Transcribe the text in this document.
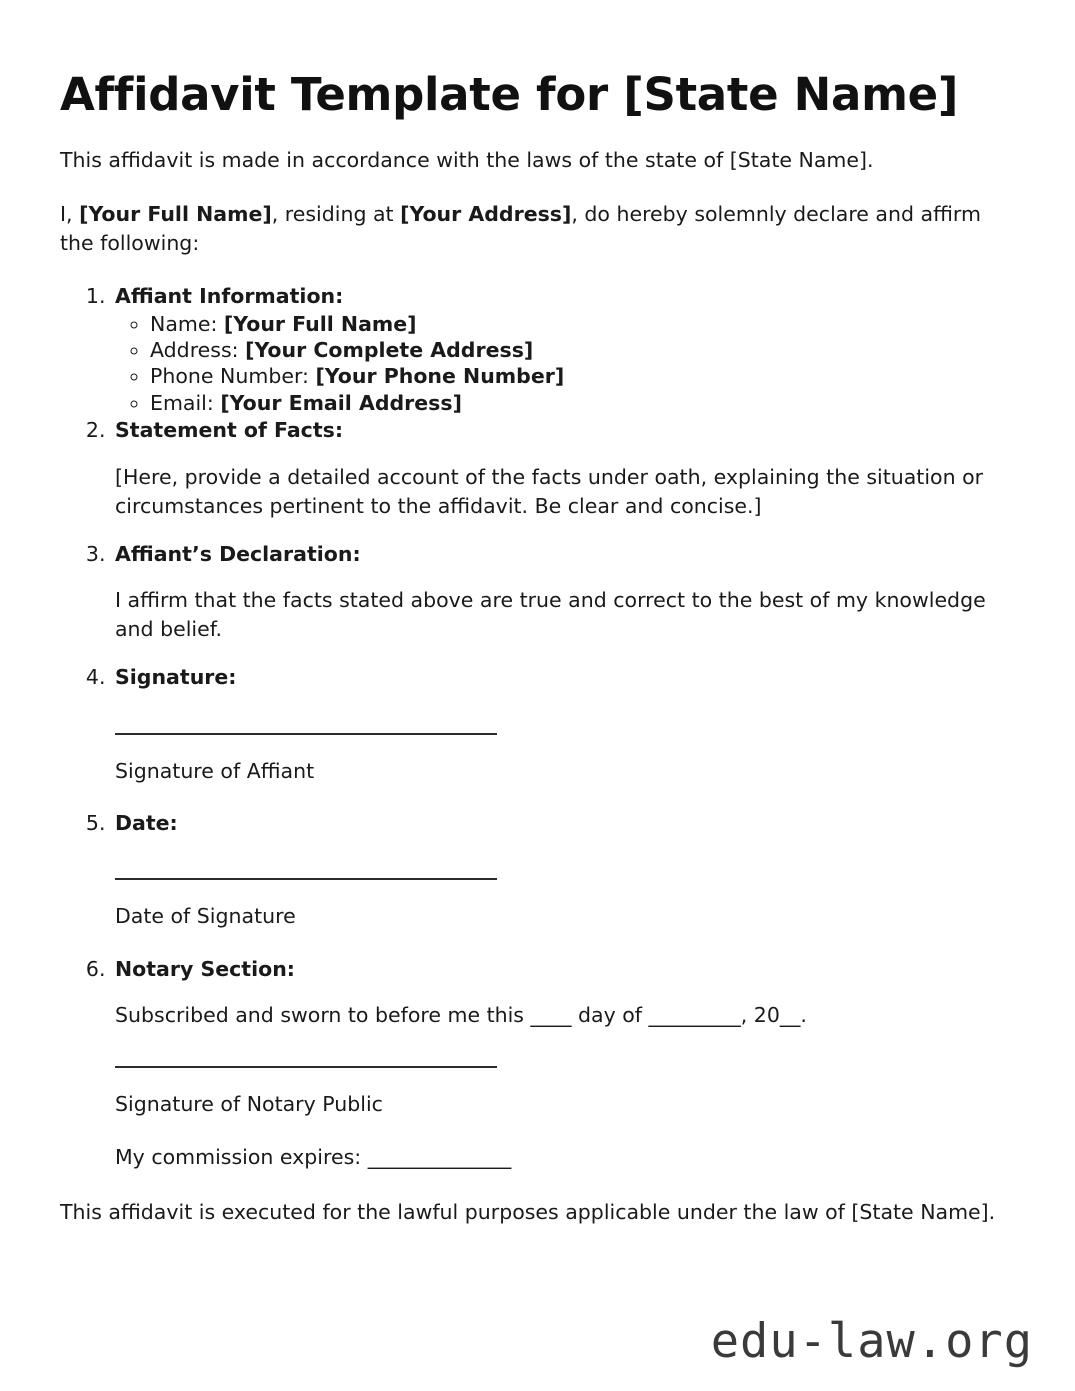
Affidavit Template for [State Name]

This affidavit is made in accordance with the laws of the state of [State Name].

I, [Your Full Name], residing at [Your Address], do hereby solemnly declare and affirm the following:

1. Affiant Information:
◦ Name: [Your Full Name]
◦ Address: [Your Complete Address]
◦ Phone Number: [Your Phone Number]
◦ Email: [Your Email Address]
2. Statement of Facts:
[Here, provide a detailed account of the facts under oath, explaining the situation or circumstances pertinent to the affidavit. Be clear and concise.]
3. Affiant’s Declaration:
I affirm that the facts stated above are true and correct to the best of my knowledge and belief.
4. Signature:
Signature of Affiant
5. Date:
Date of Signature
6. Notary Section:
Subscribed and sworn to before me this ____ day of _________, 20__.
Signature of Notary Public
My commission expires: ______________

This affidavit is executed for the lawful purposes applicable under the law of [State Name].

edu-law.org
